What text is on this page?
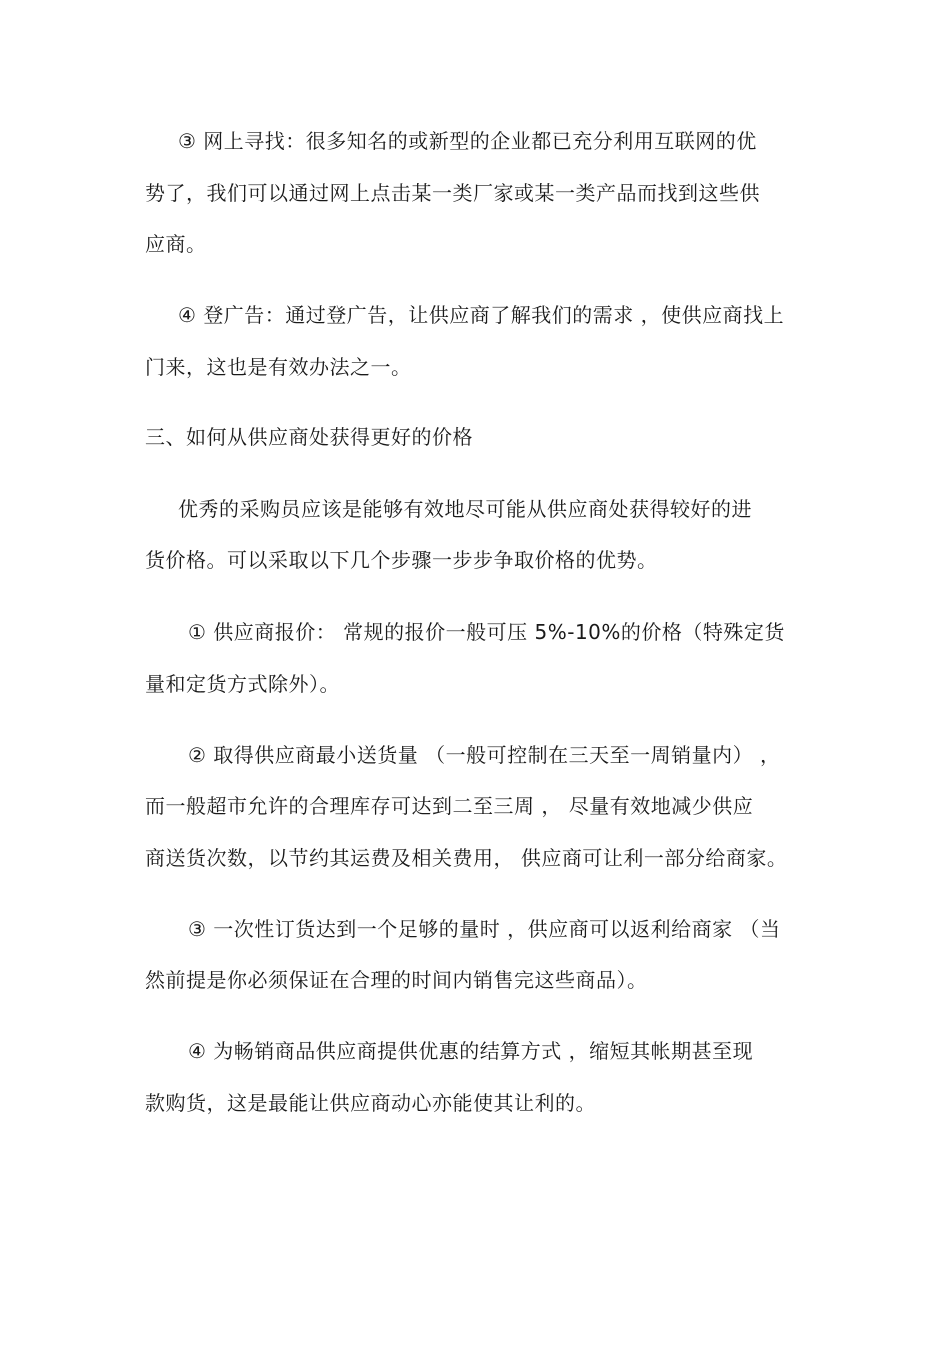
③ 网上寻找：很多知名的或新型的企业都已充分利用互联网的优
势了，我们可以通过网上点击某一类厂家或某一类产品而找到这些供
应商。
④ 登广告：通过登广告，让供应商了解我们的需求 ，使供应商找上
门来，这也是有效办法之一。
三、如何从供应商处获得更好的价格
优秀的采购员应该是能够有效地尽可能从供应商处获得较好的进
货价格。可以采取以下几个步骤一步步争取价格的优势。
① 供应商报价： 常规的报价一般可压 5%-10%的价格（特殊定货
量和定货方式除外）。
② 取得供应商最小送货量 （一般可控制在三天至一周销量内） ，
而一般超市允许的合理库存可达到二至三周 ， 尽量有效地减少供应
商送货次数，以节约其运费及相关费用， 供应商可让利一部分给商家。
③ 一次性订货达到一个足够的量时 ，供应商可以返利给商家 （当
然前提是你必须保证在合理的时间内销售完这些商品）。
④ 为畅销商品供应商提供优惠的结算方式 ，缩短其帐期甚至现
款购货，这是最能让供应商动心亦能使其让利的。
